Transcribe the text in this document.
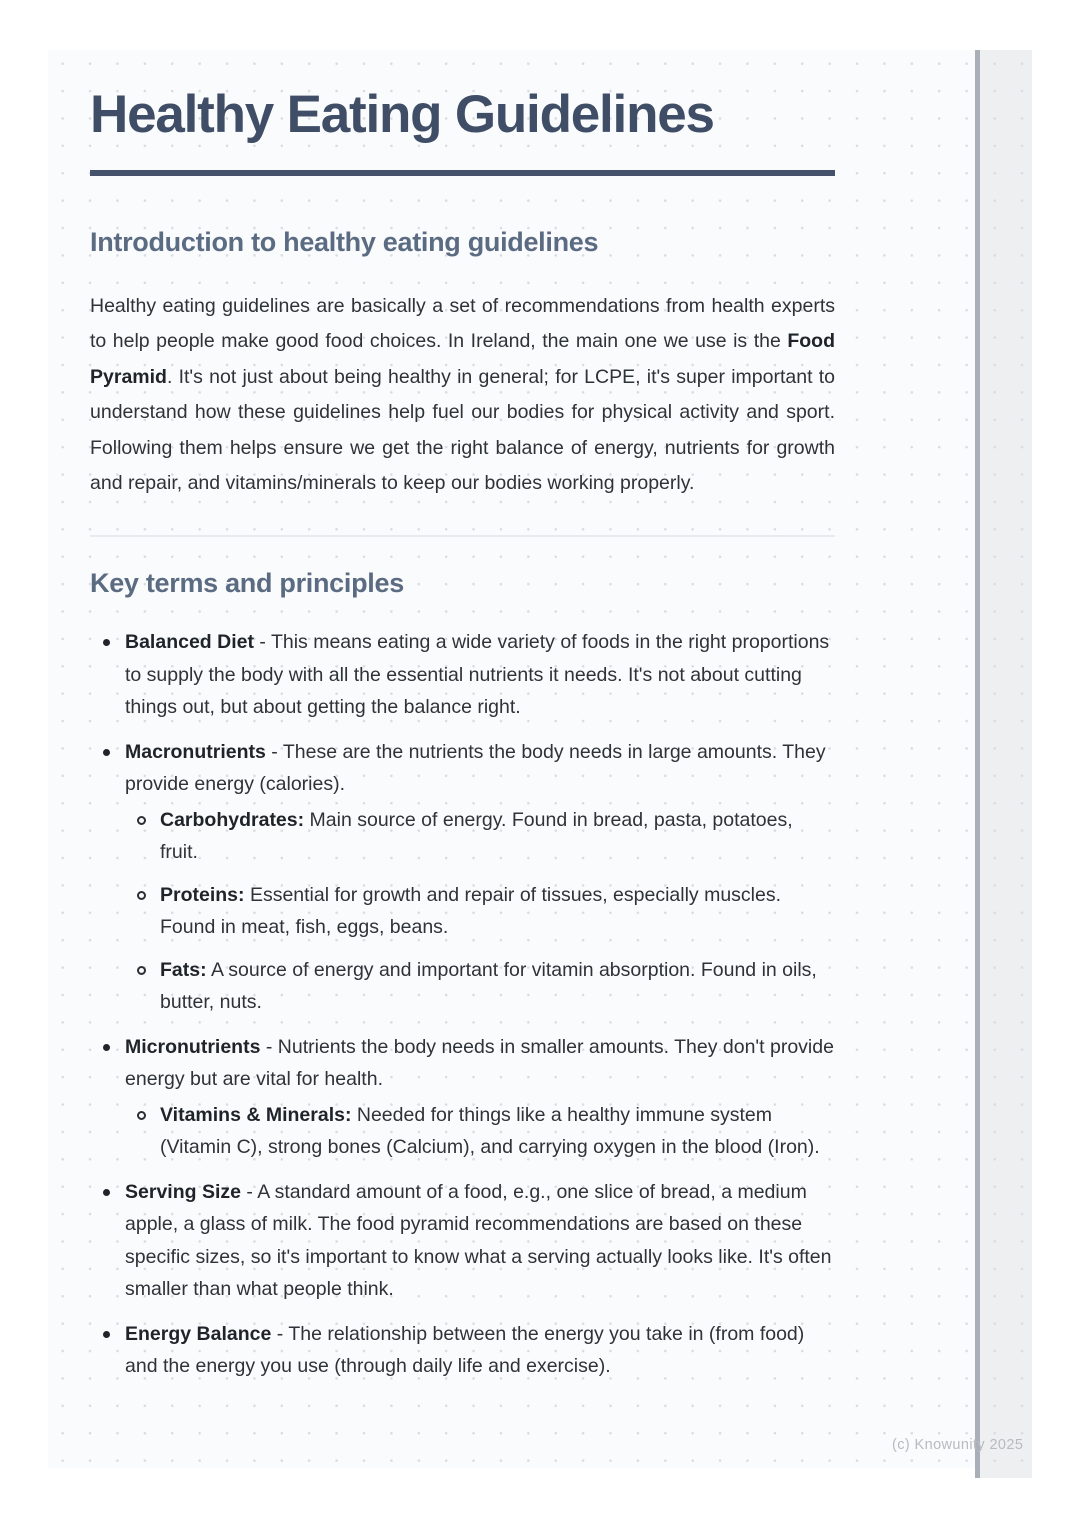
Healthy Eating Guidelines
Introduction to healthy eating guidelines

Healthy eating guidelines are basically a set of recommendations from health experts to help people make good food choices. In Ireland, the main one we use is the Food Pyramid. It's not just about being healthy in general; for LCPE, it's super important to understand how these guidelines help fuel our bodies for physical activity and sport. Following them helps ensure we get the right balance of energy, nutrients for growth and repair, and vitamins/minerals to keep our bodies working properly.

Key terms and principles
Balanced Diet - This means eating a wide variety of foods in the right proportions to supply the body with all the essential nutrients it needs. It's not about cutting things out, but about getting the balance right.
Macronutrients - These are the nutrients the body needs in large amounts. They provide energy (calories).
Carbohydrates: Main source of energy. Found in bread, pasta, potatoes, fruit.
Proteins: Essential for growth and repair of tissues, especially muscles. Found in meat, fish, eggs, beans.
Fats: A source of energy and important for vitamin absorption. Found in oils, butter, nuts.
Micronutrients - Nutrients the body needs in smaller amounts. They don't provide energy but are vital for health.
Vitamins & Minerals: Needed for things like a healthy immune system (Vitamin C), strong bones (Calcium), and carrying oxygen in the blood (Iron).
Serving Size - A standard amount of a food, e.g., one slice of bread, a medium apple, a glass of milk. The food pyramid recommendations are based on these specific sizes, so it's important to know what a serving actually looks like. It's often smaller than what people think.
Energy Balance - The relationship between the energy you take in (from food) and the energy you use (through daily life and exercise).
(c) Knowunity 2025
